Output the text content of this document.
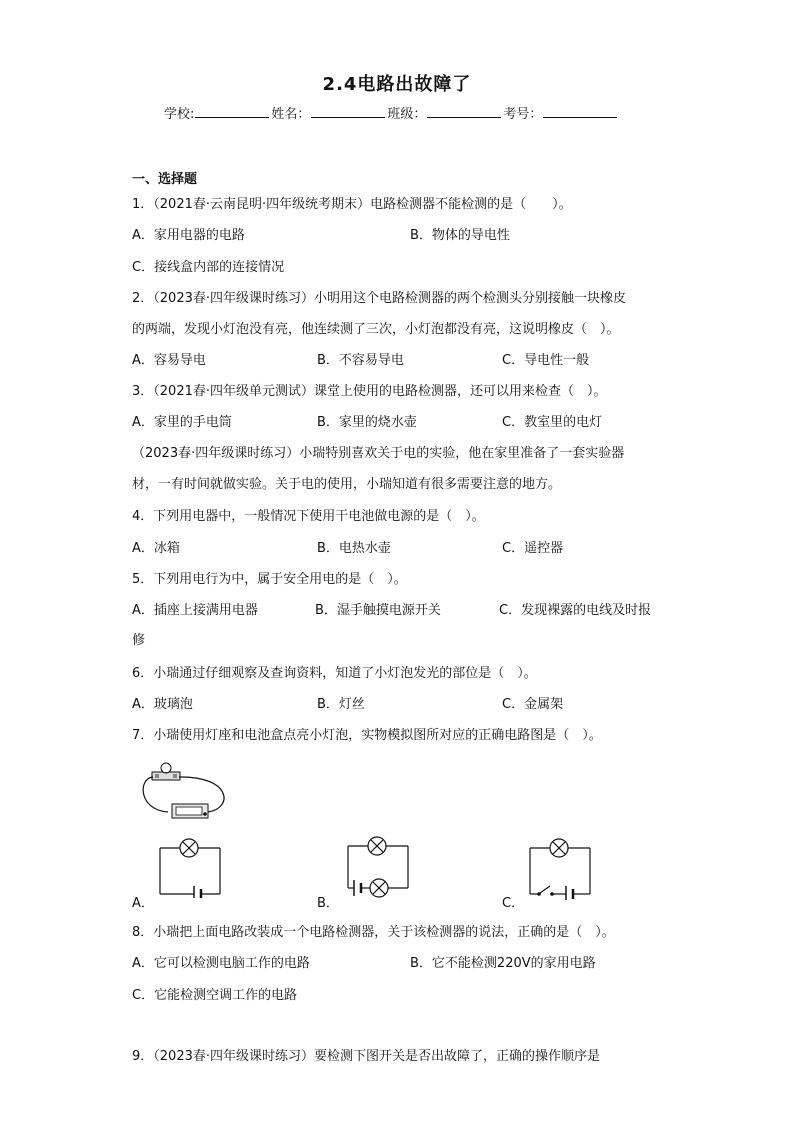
2.4电路出故障了
学校:	姓名：	班级：	考号：
一、选择题
1．（2021春·云南昆明·四年级统考期末）电路检测器不能检测的是（　　）。
A．家用电器的电路	B．物体的导电性
C．接线盒内部的连接情况
2．（2023春·四年级课时练习）小明用这个电路检测器的两个检测头分别接触一块橡皮
的两端，发现小灯泡没有亮，他连续测了三次，小灯泡都没有亮，这说明橡皮（　）。
A．容易导电	B．不容易导电	C．导电性一般
3．（2021春·四年级单元测试）课堂上使用的电路检测器，还可以用来检查（　）。
A．家里的手电筒	B．家里的烧水壶	C．教室里的电灯
（2023春·四年级课时练习）小瑞特别喜欢关于电的实验，他在家里准备了一套实验器
材，一有时间就做实验。关于电的使用，小瑞知道有很多需要注意的地方。
4．下列用电器中，一般情况下使用干电池做电源的是（　）。
A．冰箱	B．电热水壶	C．遥控器
5．下列用电行为中，属于安全用电的是（　）。
A．插座上接满用电器	B．湿手触摸电源开关	C．发现裸露的电线及时报
修
6．小瑞通过仔细观察及查询资料，知道了小灯泡发光的部位是（　）。
A．玻璃泡	B．灯丝	C．金属架
7．小瑞使用灯座和电池盒点亮小灯泡，实物模拟图所对应的正确电路图是（　）。
A．	B．	C．
8．小瑞把上面电路改装成一个电路检测器，关于该检测器的说法，正确的是（　）。
A．它可以检测电脑工作的电路	B．它不能检测220V的家用电路
C．它能检测空调工作的电路
9．（2023春·四年级课时练习）要检测下图开关是否出故障了，正确的操作顺序是
